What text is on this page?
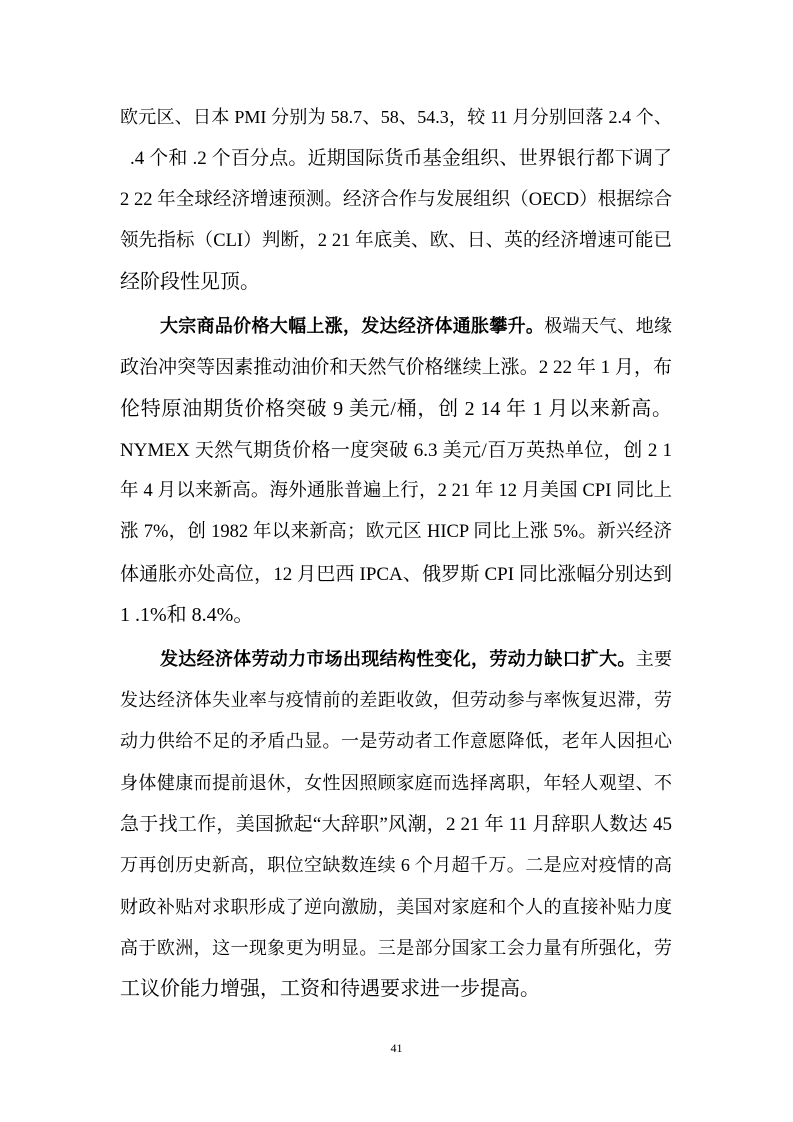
欧元区、日本 PMI 分别为 58.7、58、54.3，较 11 月分别回落 2.4 个、
.4 个和 .2 个百分点。近期国际货币基金组织、世界银行都下调了
2 22 年全球经济增速预测。经济合作与发展组织（OECD）根据综合
领先指标（CLI）判断，2 21 年底美、欧、日、英的经济增速可能已
经阶段性见顶。
大宗商品价格大幅上涨，发达经济体通胀攀升。极端天气、地缘
政治冲突等因素推动油价和天然气价格继续上涨。2 22 年 1 月，布
伦特原油期货价格突破 9 美元/桶，创 2 14 年 1 月以来新高。
NYMEX 天然气期货价格一度突破 6.3 美元/百万英热单位，创 2 1
年 4 月以来新高。海外通胀普遍上行，2 21 年 12 月美国 CPI 同比上
涨 7%，创 1982 年以来新高；欧元区 HICP 同比上涨 5%。新兴经济
体通胀亦处高位，12 月巴西 IPCA、俄罗斯 CPI 同比涨幅分别达到
1 .1%和 8.4%。
发达经济体劳动力市场出现结构性变化，劳动力缺口扩大。主要
发达经济体失业率与疫情前的差距收敛，但劳动参与率恢复迟滞，劳
动力供给不足的矛盾凸显。一是劳动者工作意愿降低，老年人因担心
身体健康而提前退休，女性因照顾家庭而选择离职，年轻人观望、不
急于找工作，美国掀起“大辞职”风潮，2 21 年 11 月辞职人数达 45
万再创历史新高，职位空缺数连续 6 个月超千万。二是应对疫情的高
财政补贴对求职形成了逆向激励，美国对家庭和个人的直接补贴力度
高于欧洲，这一现象更为明显。三是部分国家工会力量有所强化，劳
工议价能力增强，工资和待遇要求进一步提高。
41
